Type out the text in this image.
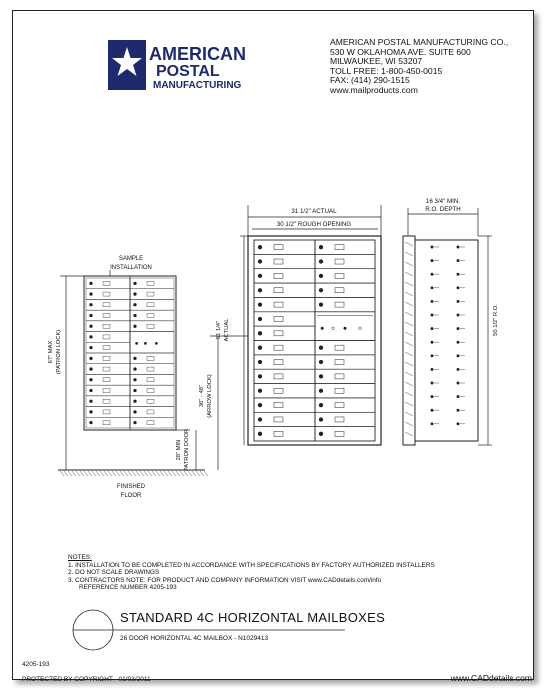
AMERICAN
POSTAL
MANUFACTURING
SAMPLE
INSTALLATION
67" MAX (PATRON LOCK)
28" MIN PATRON DOOR
FINISHED
FLOOR
31 1/2" ACTUAL
30 1/2" ROUGH OPENING
51 1/4" ACTUAL
36" - 48" (ARROW LOCK)
16 3/4" MIN.
R.O. DEPTH
50 1/2" R.O.
AMERICAN POSTAL MANUFACTURING CO.,
530 W OKLAHOMA AVE. SUITE 600
MILWAUKEE, WI 53207
TOLL FREE: 1-800-450-0015
FAX: (414) 290-1515
www.mailproducts.com
NOTES:
1. INSTALLATION TO BE COMPLETED IN ACCORDANCE WITH SPECIFICATIONS BY FACTORY AUTHORIZED INSTALLERS
2. DO NOT SCALE DRAWINGS
3. CONTRACTORS NOTE: FOR PRODUCT AND COMPANY INFORMATION VISIT www.CADdetails.com/info
REFERENCE NUMBER 4205-193
STANDARD 4C HORIZONTAL MAILBOXES
26 DOOR HORIZONTAL 4C MAILBOX - N1029413
4205-193
PROTECTED BY COPYRIGHT - 01/03/2011	www.CADdetails.com
